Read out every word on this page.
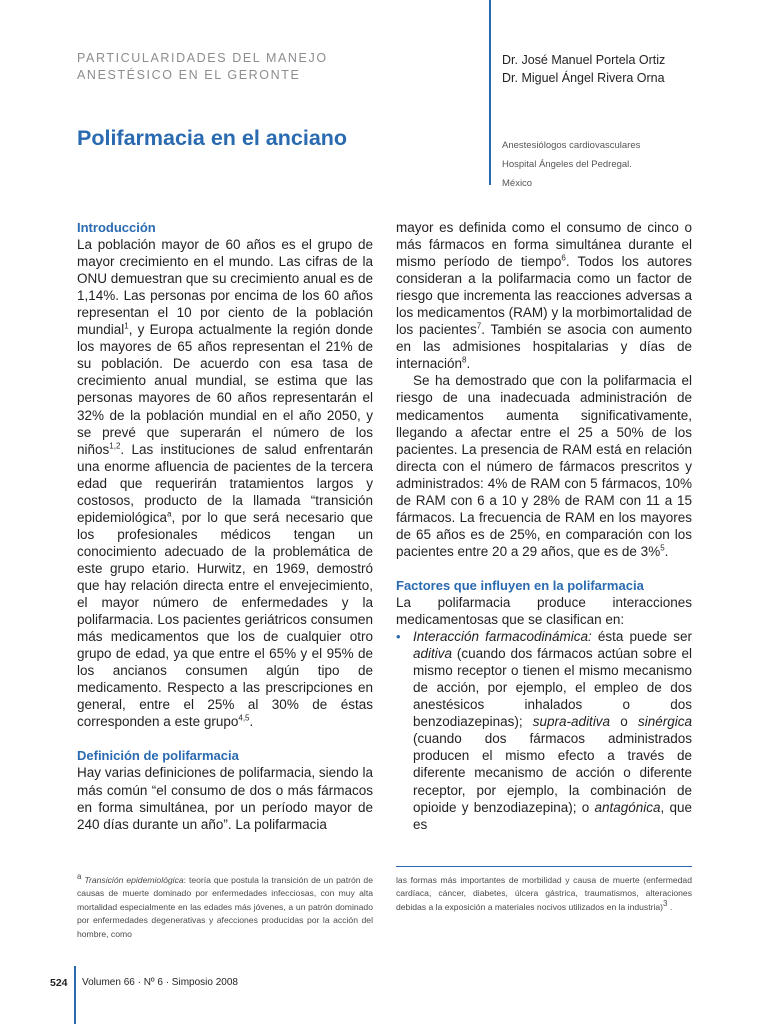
PARTICULARIDADES DEL MANEJO
ANESTÉSICO EN EL GERONTE
Dr. José Manuel Portela Ortiz
Dr. Miguel Ángel Rivera Orna
Polifarmacia en el anciano	Anestesiólogos cardiovasculares
Hospital Ángeles del Pedregal.
México
Introducción

La población mayor de 60 años es el grupo de mayor crecimiento en el mundo. Las cifras de la ONU demuestran que su crecimiento anual es de 1,14%. Las personas por encima de los 60 años representan el 10 por ciento de la población mundial$^1$, y Europa actualmente la región donde los mayores de 65 años representan el 21% de su población. De acuerdo con esa tasa de crecimiento anual mundial, se estima que las personas mayores de 60 años representarán el 32% de la población mundial en el año 2050, y se prevé que superarán el número de los niños$^{1,2}$. Las instituciones de salud enfrentarán una enorme afluencia de pacientes de la tercera edad que requerirán tratamientos largos y costosos, producto de la llamada “transición epidemiológica$^a$, por lo que será necesario que los profesionales médicos tengan un conocimiento adecuado de la problemática de este grupo etario. Hurwitz, en 1969, demostró que hay relación directa entre el envejecimiento, el mayor número de enfermedades y la polifarmacia. Los pacientes geriátricos consumen más medicamentos que los de cualquier otro grupo de edad, ya que entre el 65% y el 95% de los ancianos consumen algún tipo de medicamento. Respecto a las prescripciones en general, entre el 25% al 30% de éstas corresponden a este grupo$^{4,5}$.

Definición de polifarmacia

Hay varias definiciones de polifarmacia, siendo la más común “el consumo de dos o más fármacos en forma simultánea, por un período mayor de 240 días durante un año”. La polifarmacia

mayor es definida como el consumo de cinco o más fármacos en forma simultánea durante el mismo período de tiempo$^6$. Todos los autores consideran a la polifarmacia como un factor de riesgo que incrementa las reacciones adversas a los medicamentos (RAM) y la morbimortalidad de los pacientes$^7$. También se asocia con aumento en las admisiones hospitalarias y días de internación$^8$.

Se ha demostrado que con la polifarmacia el riesgo de una inadecuada administración de medicamentos aumenta significativamente, llegando a afectar entre el 25 a 50% de los pacientes. La presencia de RAM está en relación directa con el número de fármacos prescritos y administrados: 4% de RAM con 5 fármacos, 10% de RAM con 6 a 10 y 28% de RAM con 11 a 15 fármacos. La frecuencia de RAM en los mayores de 65 años es de 25%, en comparación con los pacientes entre 20 a 29 años, que es de 3%$^5$.

Factores que influyen en la polifarmacia

La polifarmacia produce interacciones medicamentosas que se clasifican en:

• Interacción farmacodinámica: ésta puede ser aditiva (cuando dos fármacos actúan sobre el mismo receptor o tienen el mismo mecanismo de acción, por ejemplo, el empleo de dos anestésicos inhalados o dos benzodiazepinas); supra-aditiva o sinérgica (cuando dos fármacos administrados producen el mismo efecto a través de diferente mecanismo de acción o diferente receptor, por ejemplo, la combinación de opioide y benzodiazepina); o antagónica, que es

$^a$ Transición epidemiológica: teoría que postula la transición de un patrón de causas de muerte dominado por enfermedades infecciosas, con muy alta mortalidad especialmente en las edades más jóvenes, a un patrón dominado por enfermedades degenerativas y afecciones producidas por la acción del hombre, como
las formas más importantes de morbilidad y causa de muerte (enfermedad cardíaca, cáncer, diabetes, úlcera gástrica, traumatismos, alteraciones debidas a la exposición a materiales nocivos utilizados en la industria)$^3$ .
524 Volumen 66 · Nº 6 · Simposio 2008
